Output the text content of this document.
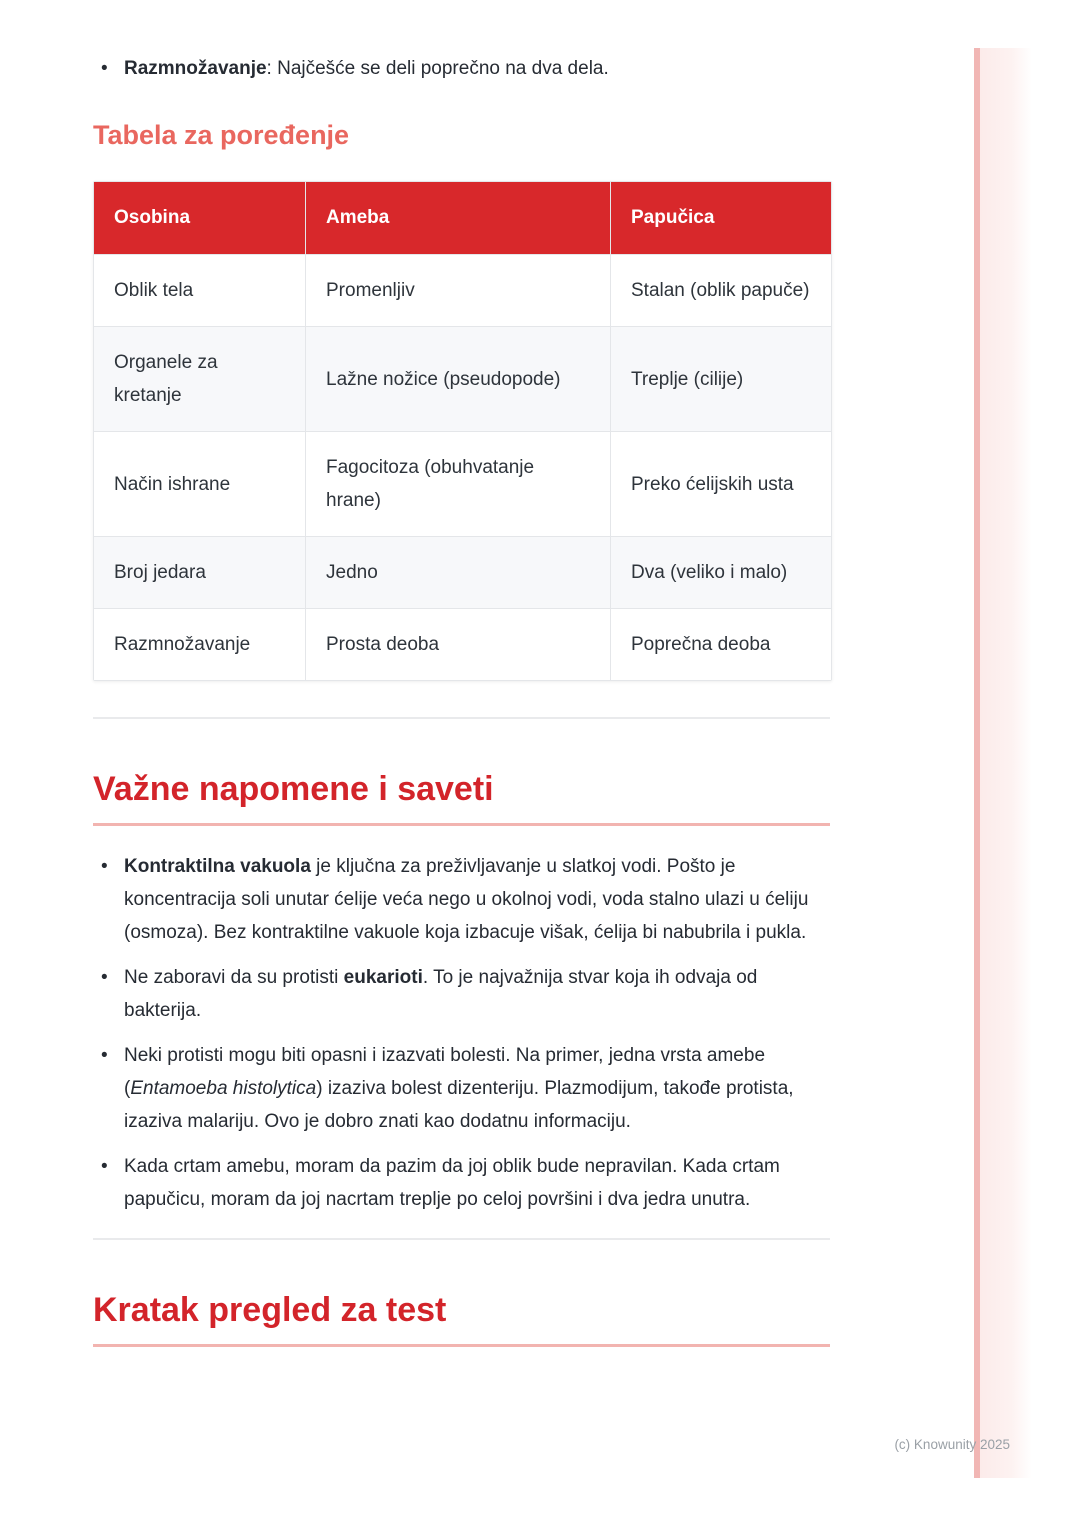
• Razmnožavanje: Najčešće se deli poprečno na dva dela.
Tabela za poređenje
Osobina	Ameba	Papučica
Oblik tela	Promenljiv	Stalan (oblik papuče)
Organele za kretanje	Lažne nožice (pseudopode)	Treplje (cilije)
Način ishrane	Fagocitoza (obuhvatanje hrane)	Preko ćelijskih usta
Broj jedara	Jedno	Dva (veliko i malo)
Razmnožavanje	Prosta deoba	Poprečna deoba
Važne napomene i saveti
• Kontraktilna vakuola je ključna za preživljavanje u slatkoj vodi. Pošto je koncentracija soli unutar ćelije veća nego u okolnoj vodi, voda stalno ulazi u ćeliju (osmoza). Bez kontraktilne vakuole koja izbacuje višak, ćelija bi nabubrila i pukla.
• Ne zaboravi da su protisti eukarioti. To je najvažnija stvar koja ih odvaja od bakterija.
• Neki protisti mogu biti opasni i izazvati bolesti. Na primer, jedna vrsta amebe (Entamoeba histolytica) izaziva bolest dizenteriju. Plazmodijum, takođe protista, izaziva malariju. Ovo je dobro znati kao dodatnu informaciju.
• Kada crtam amebu, moram da pazim da joj oblik bude nepravilan. Kada crtam papučicu, moram da joj nacrtam treplje po celoj površini i dva jedra unutra.
Kratak pregled za test
(c) Knowunity 2025
